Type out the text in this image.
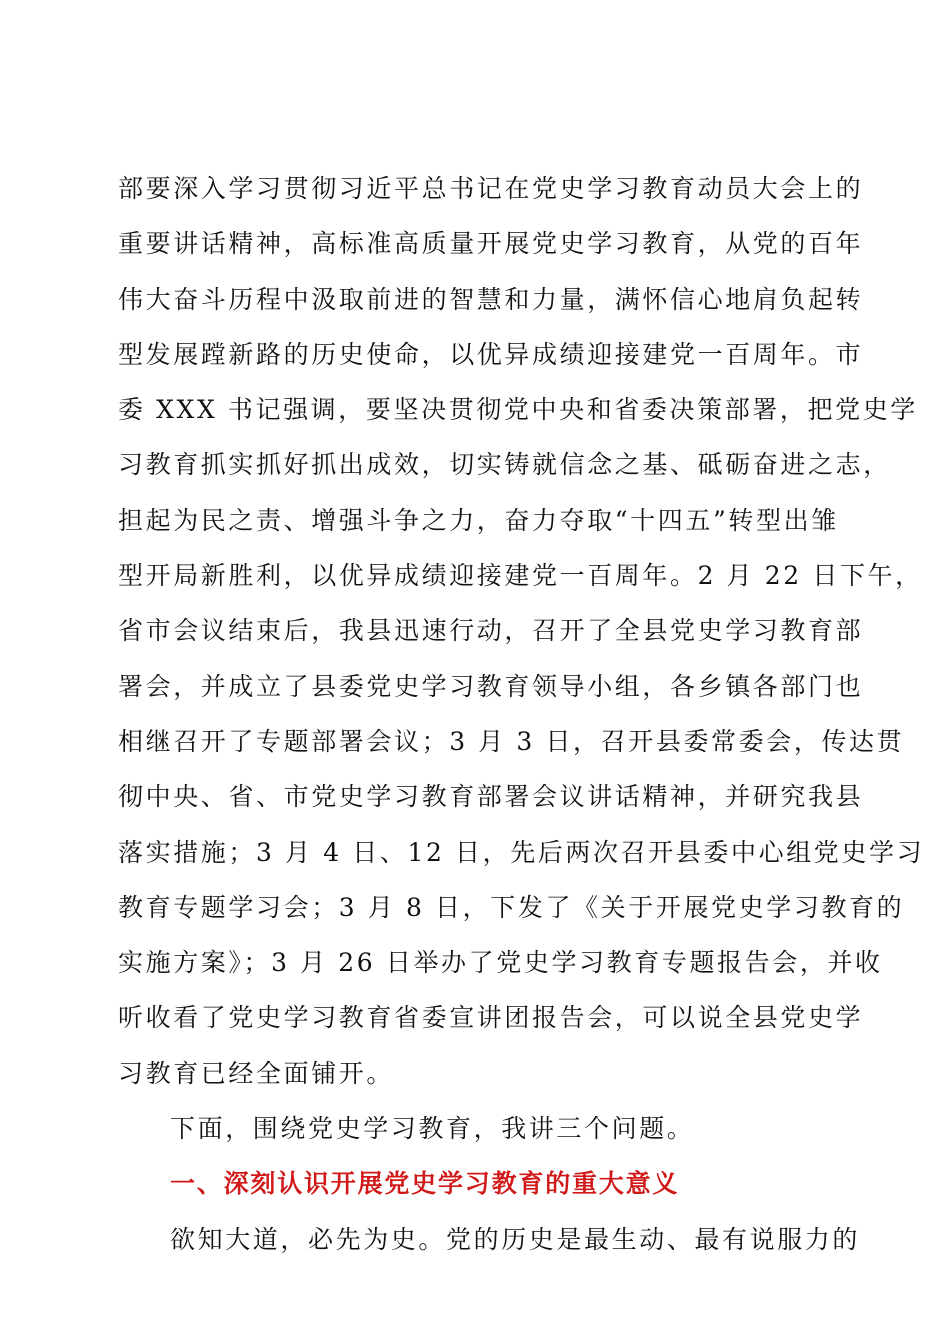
部要深入学习贯彻习近平总书记在党史学习教育动员大会上的
重要讲话精神，高标准高质量开展党史学习教育，从党的百年
伟大奋斗历程中汲取前进的智慧和力量，满怀信心地肩负起转
型发展蹚新路的历史使命，以优异成绩迎接建党一百周年。市
委 XXX 书记强调，要坚决贯彻党中央和省委决策部署，把党史学
习教育抓实抓好抓出成效，切实铸就信念之基、砥砺奋进之志，
担起为民之责、增强斗争之力，奋力夺取“十四五”转型出雏
型开局新胜利，以优异成绩迎接建党一百周年。2 月 22 日下午，
省市会议结束后，我县迅速行动，召开了全县党史学习教育部
署会，并成立了县委党史学习教育领导小组，各乡镇各部门也
相继召开了专题部署会议；3 月 3 日，召开县委常委会，传达贯
彻中央、省、市党史学习教育部署会议讲话精神，并研究我县
落实措施；3 月 4 日、12 日，先后两次召开县委中心组党史学习
教育专题学习会；3 月 8 日，下发了《关于开展党史学习教育的
实施方案》；3 月 26 日举办了党史学习教育专题报告会，并收
听收看了党史学习教育省委宣讲团报告会，可以说全县党史学
习教育已经全面铺开。
下面，围绕党史学习教育，我讲三个问题。
一、深刻认识开展党史学习教育的重大意义
欲知大道，必先为史。党的历史是最生动、最有说服力的
